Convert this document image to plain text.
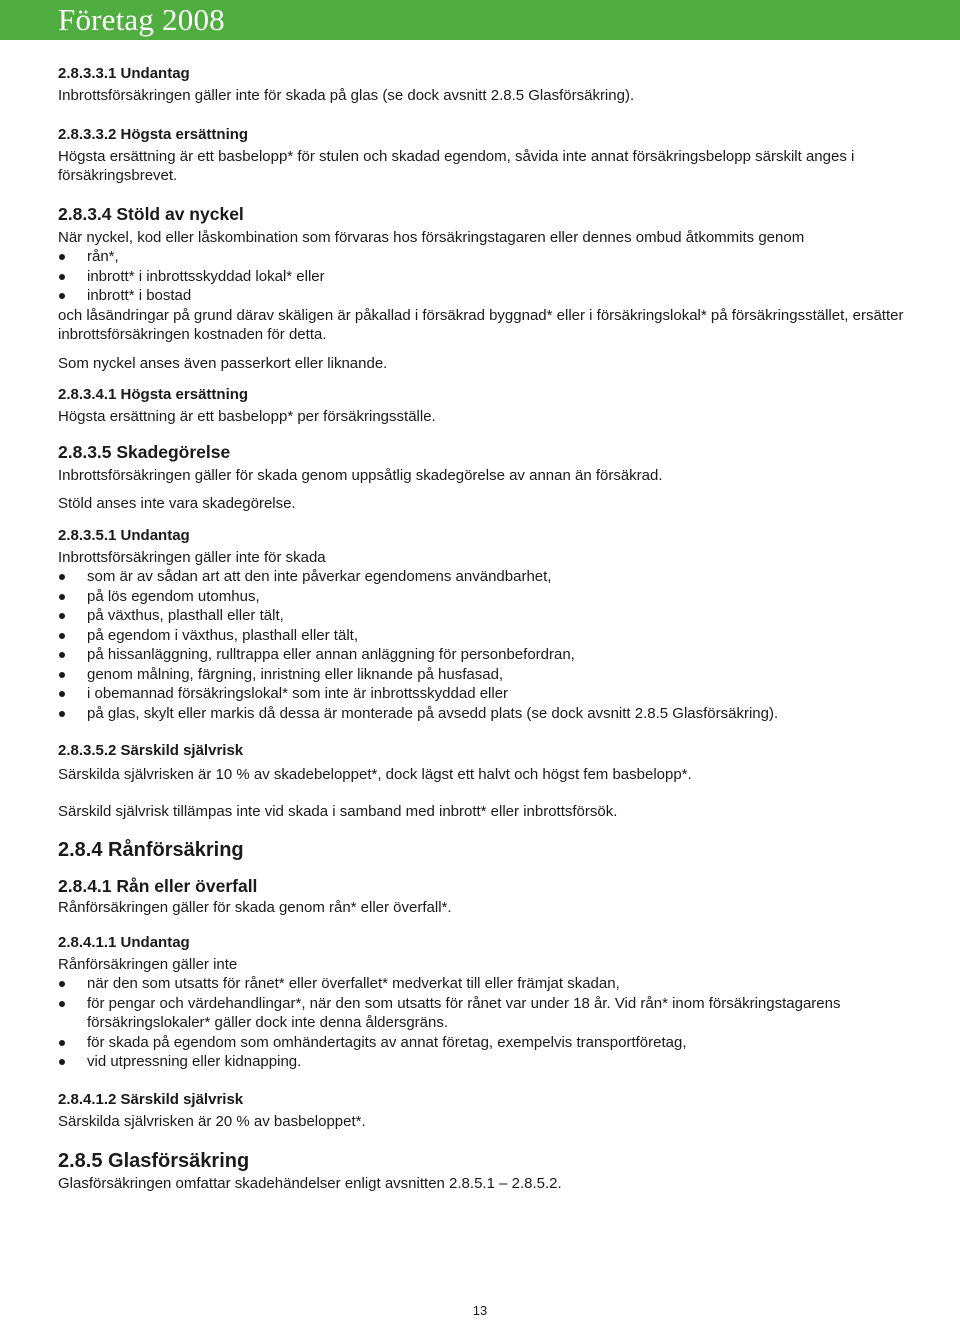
Företag 2008

2.8.3.3.1 Undantag

Inbrottsförsäkringen gäller inte för skada på glas (se dock avsnitt 2.8.5 Glasförsäkring).

2.8.3.3.2 Högsta ersättning

Högsta ersättning är ett basbelopp* för stulen och skadad egendom, såvida inte annat försäkringsbelopp särskilt anges i försäkringsbrevet.

2.8.3.4 Stöld av nyckel

När nyckel, kod eller låskombination som förvaras hos försäkringstagaren eller dennes ombud åtkommits genom

rån*,
inbrott* i inbrottsskyddad lokal* eller
inbrott* i bostad

och låsändringar på grund därav skäligen är påkallad i försäkrad byggnad* eller i försäkringslokal* på försäkringsstället, ersätter inbrottsförsäkringen kostnaden för detta.

Som nyckel anses även passerkort eller liknande.

2.8.3.4.1 Högsta ersättning

Högsta ersättning är ett basbelopp* per försäkringsställe.

2.8.3.5 Skadegörelse

Inbrottsförsäkringen gäller för skada genom uppsåtlig skadegörelse av annan än försäkrad.

Stöld anses inte vara skadegörelse.

2.8.3.5.1 Undantag

Inbrottsförsäkringen gäller inte för skada

som är av sådan art att den inte påverkar egendomens användbarhet,
på lös egendom utomhus,
på växthus, plasthall eller tält,
på egendom i växthus, plasthall eller tält,
på hissanläggning, rulltrappa eller annan anläggning för personbefordran,
genom målning, färgning, inristning eller liknande på husfasad,
i obemannad försäkringslokal* som inte är inbrottsskyddad eller
på glas, skylt eller markis då dessa är monterade på avsedd plats (se dock avsnitt 2.8.5 Glasförsäkring).

2.8.3.5.2 Särskild självrisk

Särskilda självrisken är 10 % av skadebeloppet*, dock lägst ett halvt och högst fem basbelopp*.

Särskild självrisk tillämpas inte vid skada i samband med inbrott* eller inbrottsförsök.

2.8.4 Rånförsäkring

2.8.4.1 Rån eller överfall

Rånförsäkringen gäller för skada genom rån* eller överfall*.

2.8.4.1.1 Undantag

Rånförsäkringen gäller inte

när den som utsatts för rånet* eller överfallet* medverkat till eller främjat skadan,
för pengar och värdehandlingar*, när den som utsatts för rånet var under 18 år. Vid rån* inom försäkringstagarens försäkringslokaler* gäller dock inte denna åldersgräns.
för skada på egendom som omhändertagits av annat företag, exempelvis transportföretag,
vid utpressning eller kidnapping.

2.8.4.1.2 Särskild självrisk

Särskilda självrisken är 20 % av basbeloppet*.

2.8.5 Glasförsäkring

Glasförsäkringen omfattar skadehändelser enligt avsnitten 2.8.5.1 – 2.8.5.2.

13
